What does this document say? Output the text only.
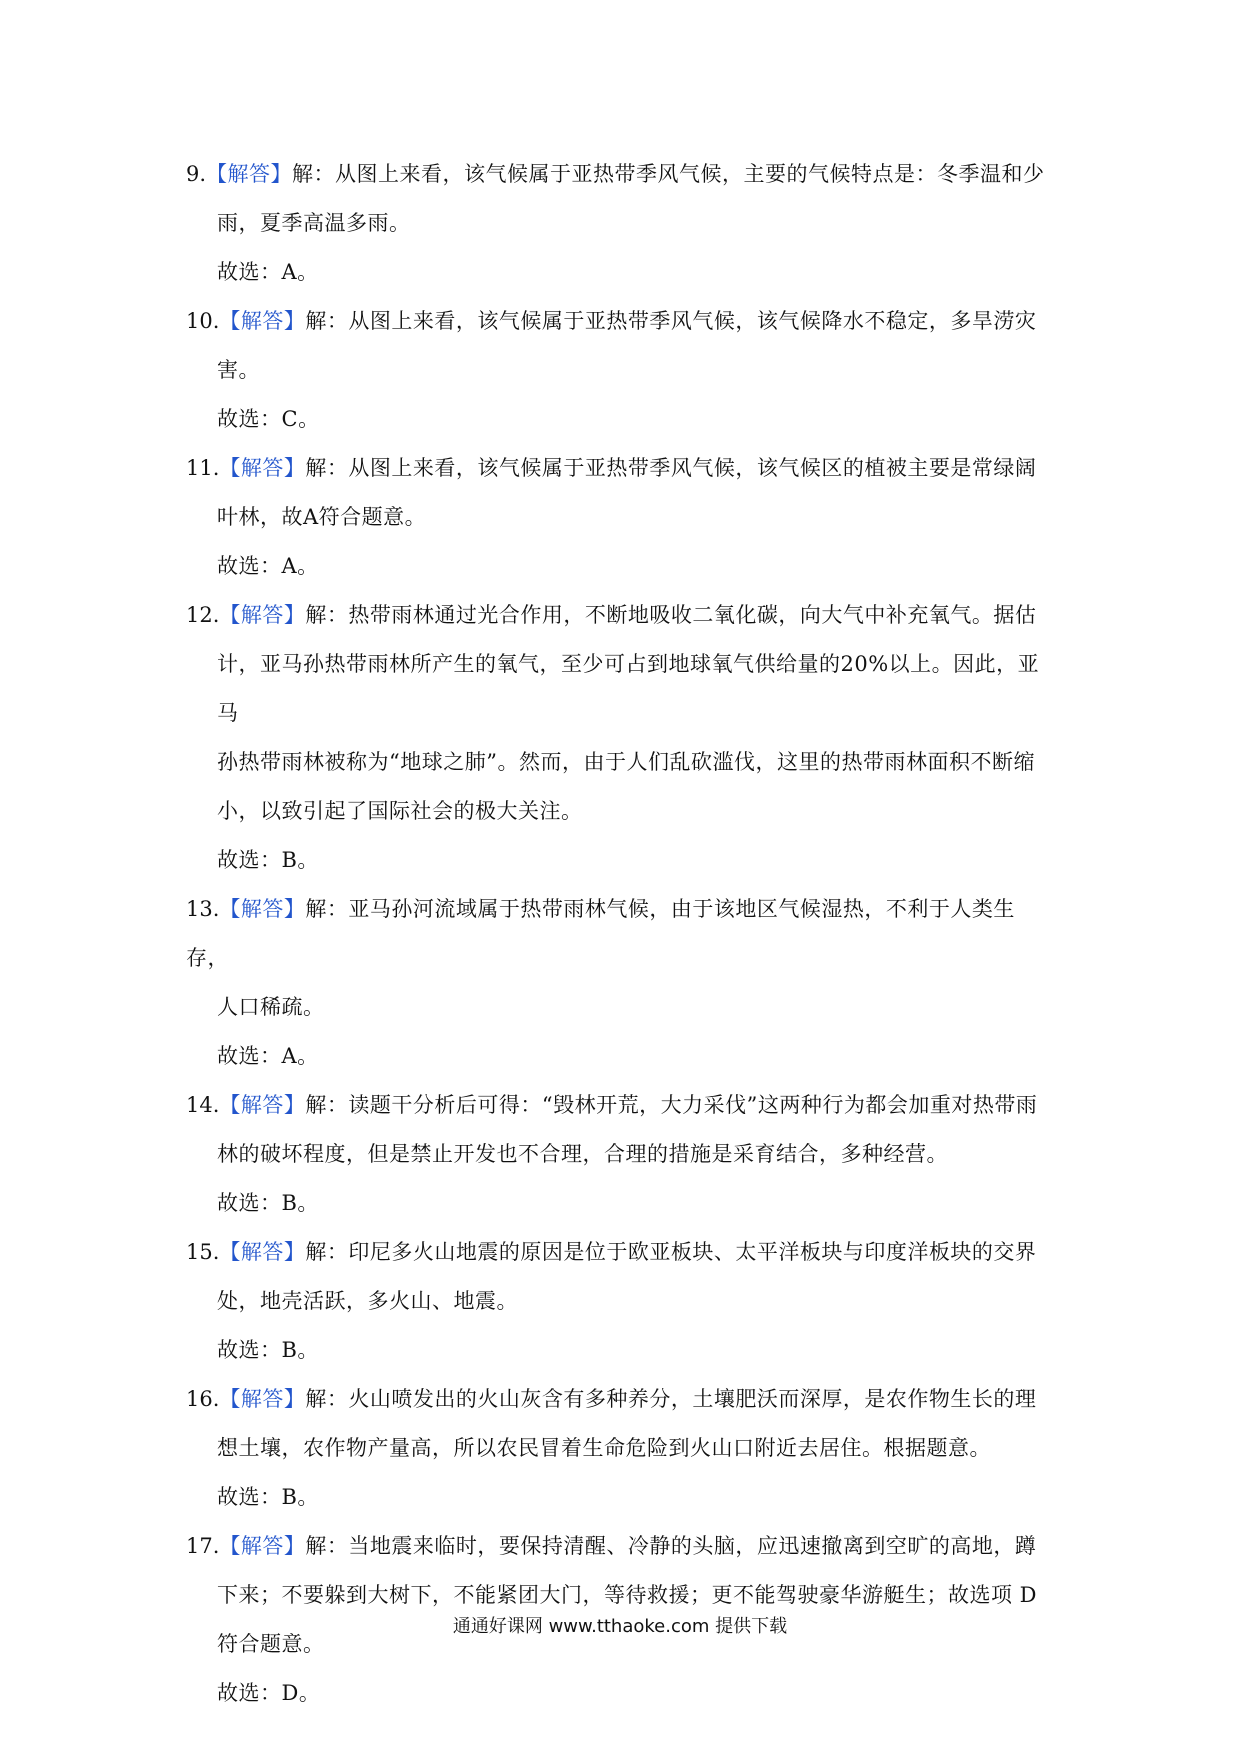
9.【解答】解：从图上来看，该气候属于亚热带季风气候，主要的气候特点是：冬季温和少
雨，夏季高温多雨。
故选：A。
10.【解答】解：从图上来看，该气候属于亚热带季风气候，该气候降水不稳定，多旱涝灾
害。
故选：C。
11.【解答】解：从图上来看，该气候属于亚热带季风气候，该气候区的植被主要是常绿阔
叶林，故A符合题意。
故选：A。
12.【解答】解：热带雨林通过光合作用，不断地吸收二氧化碳，向大气中补充氧气。据估
计，亚马孙热带雨林所产生的氧气，至少可占到地球氧气供给量的20%以上。因此，亚马
孙热带雨林被称为“地球之肺”。然而，由于人们乱砍滥伐，这里的热带雨林面积不断缩
小，以致引起了国际社会的极大关注。
故选：B。
13.【解答】解：亚马孙河流域属于热带雨林气候，由于该地区气候湿热，不利于人类生存，
人口稀疏。
故选：A。
14.【解答】解：读题干分析后可得：“毁林开荒，大力采伐”这两种行为都会加重对热带雨
林的破坏程度，但是禁止开发也不合理，合理的措施是采育结合，多种经营。
故选：B。
15.【解答】解：印尼多火山地震的原因是位于欧亚板块、太平洋板块与印度洋板块的交界
处，地壳活跃，多火山、地震。
故选：B。
16.【解答】解：火山喷发出的火山灰含有多种养分，土壤肥沃而深厚，是农作物生长的理
想土壤，农作物产量高，所以农民冒着生命危险到火山口附近去居住。根据题意。
故选：B。
17.【解答】解：当地震来临时，要保持清醒、冷静的头脑，应迅速撤离到空旷的高地，蹲
下来；不要躲到大树下，不能紧团大门，等待救援；更不能驾驶豪华游艇生；故选项 D
符合题意。
故选：D。
通通好课网 www.tthaoke.com 提供下载
